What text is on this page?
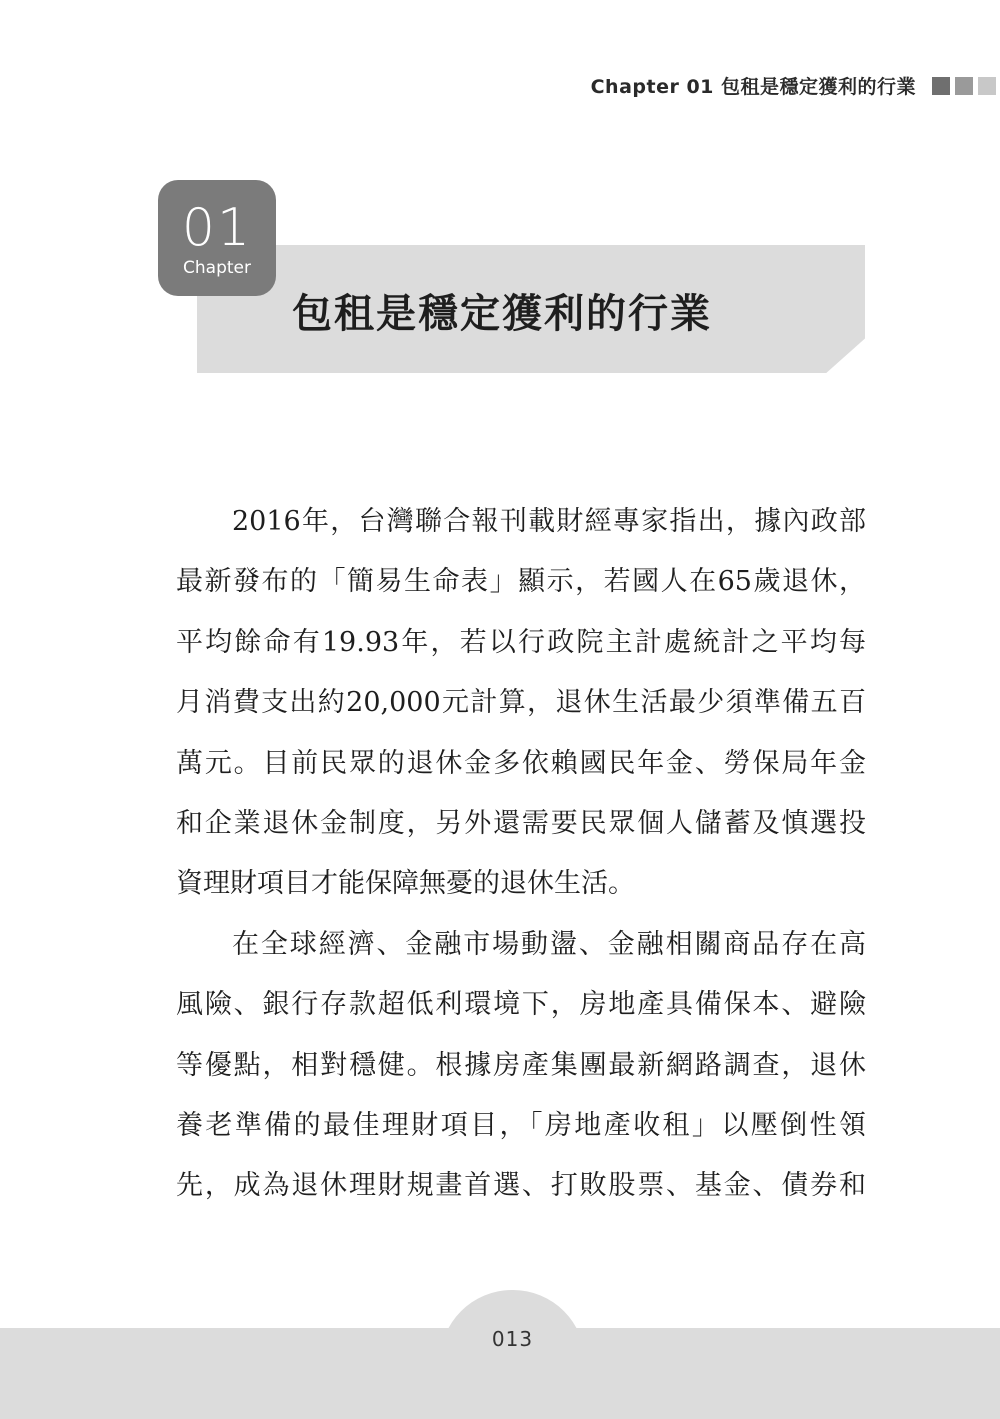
Chapter 01 包租是穩定獲利的行業
01
Chapter
包租是穩定獲利的行業
2016年，台灣聯合報刊載財經專家指出，據內政部
最新發布的「簡易生命表」顯示，若國人在65歲退休，
平均餘命有19.93年，若以行政院主計處統計之平均每
月消費支出約20,000元計算，退休生活最少須準備五百
萬元。目前民眾的退休金多依賴國民年金、勞保局年金
和企業退休金制度，另外還需要民眾個人儲蓄及慎選投
資理財項目才能保障無憂的退休生活。
在全球經濟、金融市場動盪、金融相關商品存在高
風險、銀行存款超低利環境下，房地產具備保本、避險
等優點，相對穩健。根據房產集團最新網路調查，退休
養老準備的最佳理財項目，「房地產收租」以壓倒性領
先，成為退休理財規畫首選、打敗股票、基金、債券和
013
